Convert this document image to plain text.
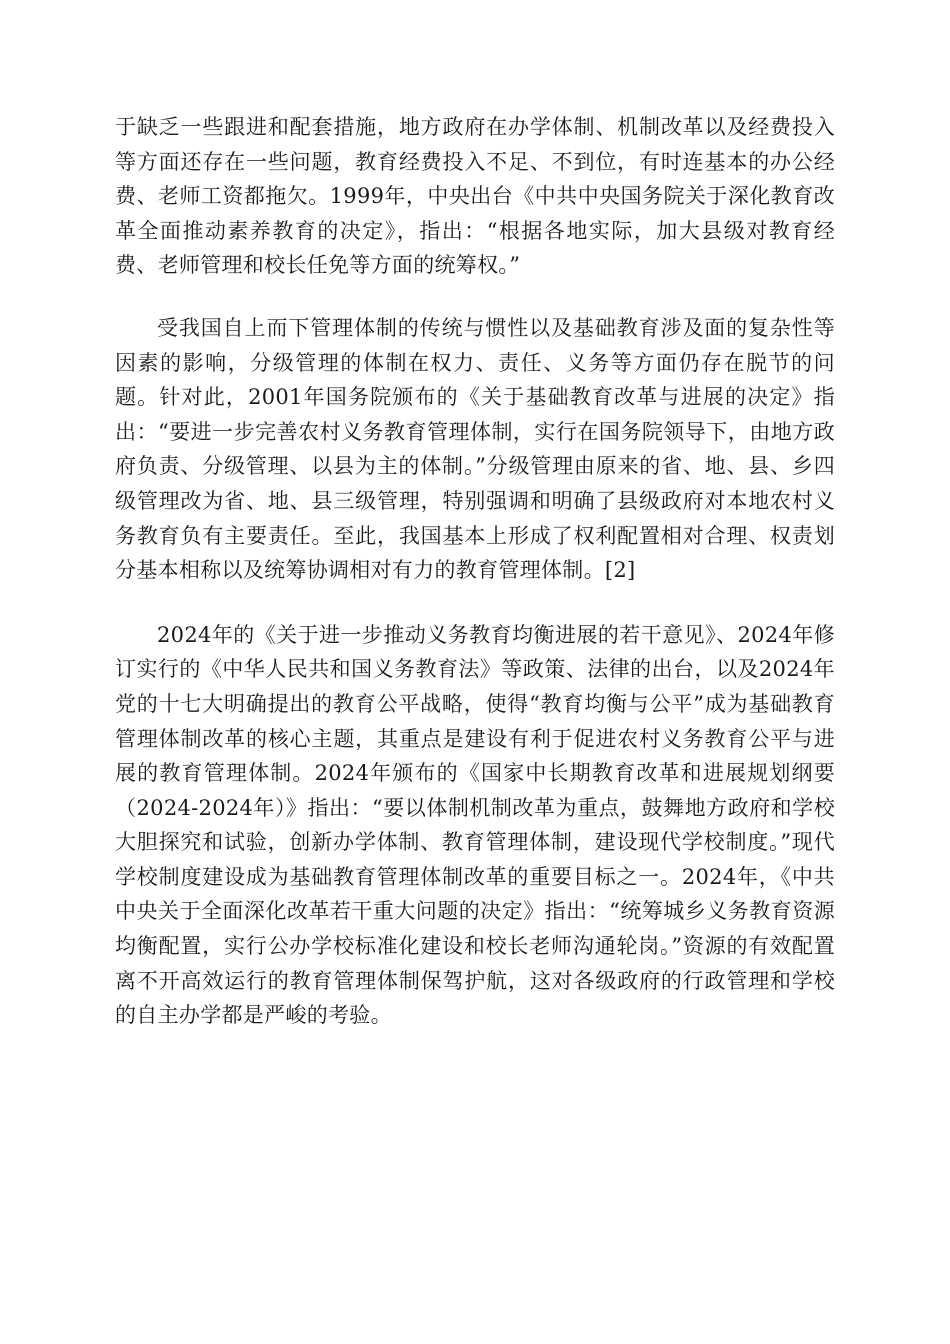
于缺乏一些跟进和配套措施，地方政府在办学体制、机制改革以及经费投入等方面还存在一些问题，教育经费投入不足、不到位，有时连基本的办公经费、老师工资都拖欠。1999年，中央出台《中共中央国务院关于深化教育改革全面推动素养教育的决定》，指出：“根据各地实际，加大县级对教育经费、老师管理和校长任免等方面的统筹权。”

受我国自上而下管理体制的传统与惯性以及基础教育涉及面的复杂性等因素的影响，分级管理的体制在权力、责任、义务等方面仍存在脱节的问题。针对此，2001年国务院颁布的《关于基础教育改革与进展的决定》指出：“要进一步完善农村义务教育管理体制，实行在国务院领导下，由地方政府负责、分级管理、以县为主的体制。”分级管理由原来的省、地、县、乡四级管理改为省、地、县三级管理，特别强调和明确了县级政府对本地农村义务教育负有主要责任。至此，我国基本上形成了权利配置相对合理、权责划分基本相称以及统筹协调相对有力的教育管理体制。[2]

2024年的《关于进一步推动义务教育均衡进展的若干意见》、2024年修订实行的《中华人民共和国义务教育法》等政策、法律的出台，以及2024年党的十七大明确提出的教育公平战略，使得“教育均衡与公平”成为基础教育管理体制改革的核心主题，其重点是建设有利于促进农村义务教育公平与进展的教育管理体制。2024年颁布的《国家中长期教育改革和进展规划纲要（2024-2024年）》指出：“要以体制机制改革为重点，鼓舞地方政府和学校大胆探究和试验，创新办学体制、教育管理体制，建设现代学校制度。”现代学校制度建设成为基础教育管理体制改革的重要目标之一。2024年，《中共中央关于全面深化改革若干重大问题的决定》指出：“统筹城乡义务教育资源均衡配置，实行公办学校标准化建设和校长老师沟通轮岗。”资源的有效配置离不开高效运行的教育管理体制保驾护航，这对各级政府的行政管理和学校的自主办学都是严峻的考验。
